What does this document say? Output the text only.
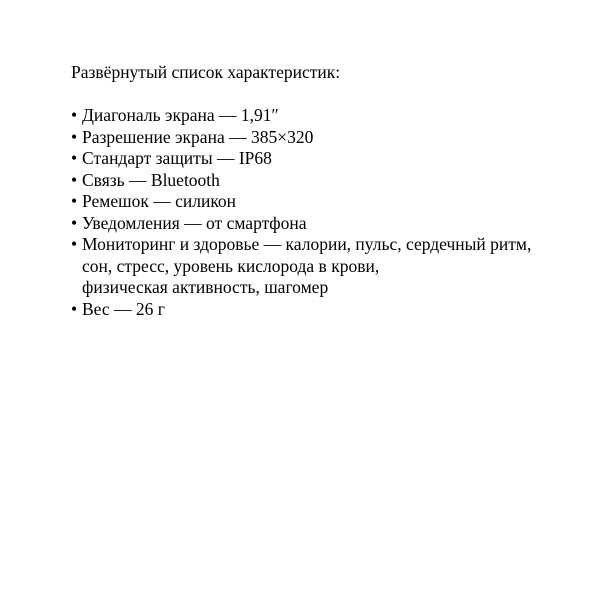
Развёрнутый список характеристик:

• Диагональ экрана — 1,91″
• Разрешение экрана — 385×320
• Стандарт защиты — IP68
• Связь — Bluetooth
• Ремешок — силикон
• Уведомления — от смартфона
• Мониторинг и здоровье — калории, пульс, сердечный ритм,
сон, стресс, уровень кислорода в крови,
физическая активность, шагомер
• Вес — 26 г
